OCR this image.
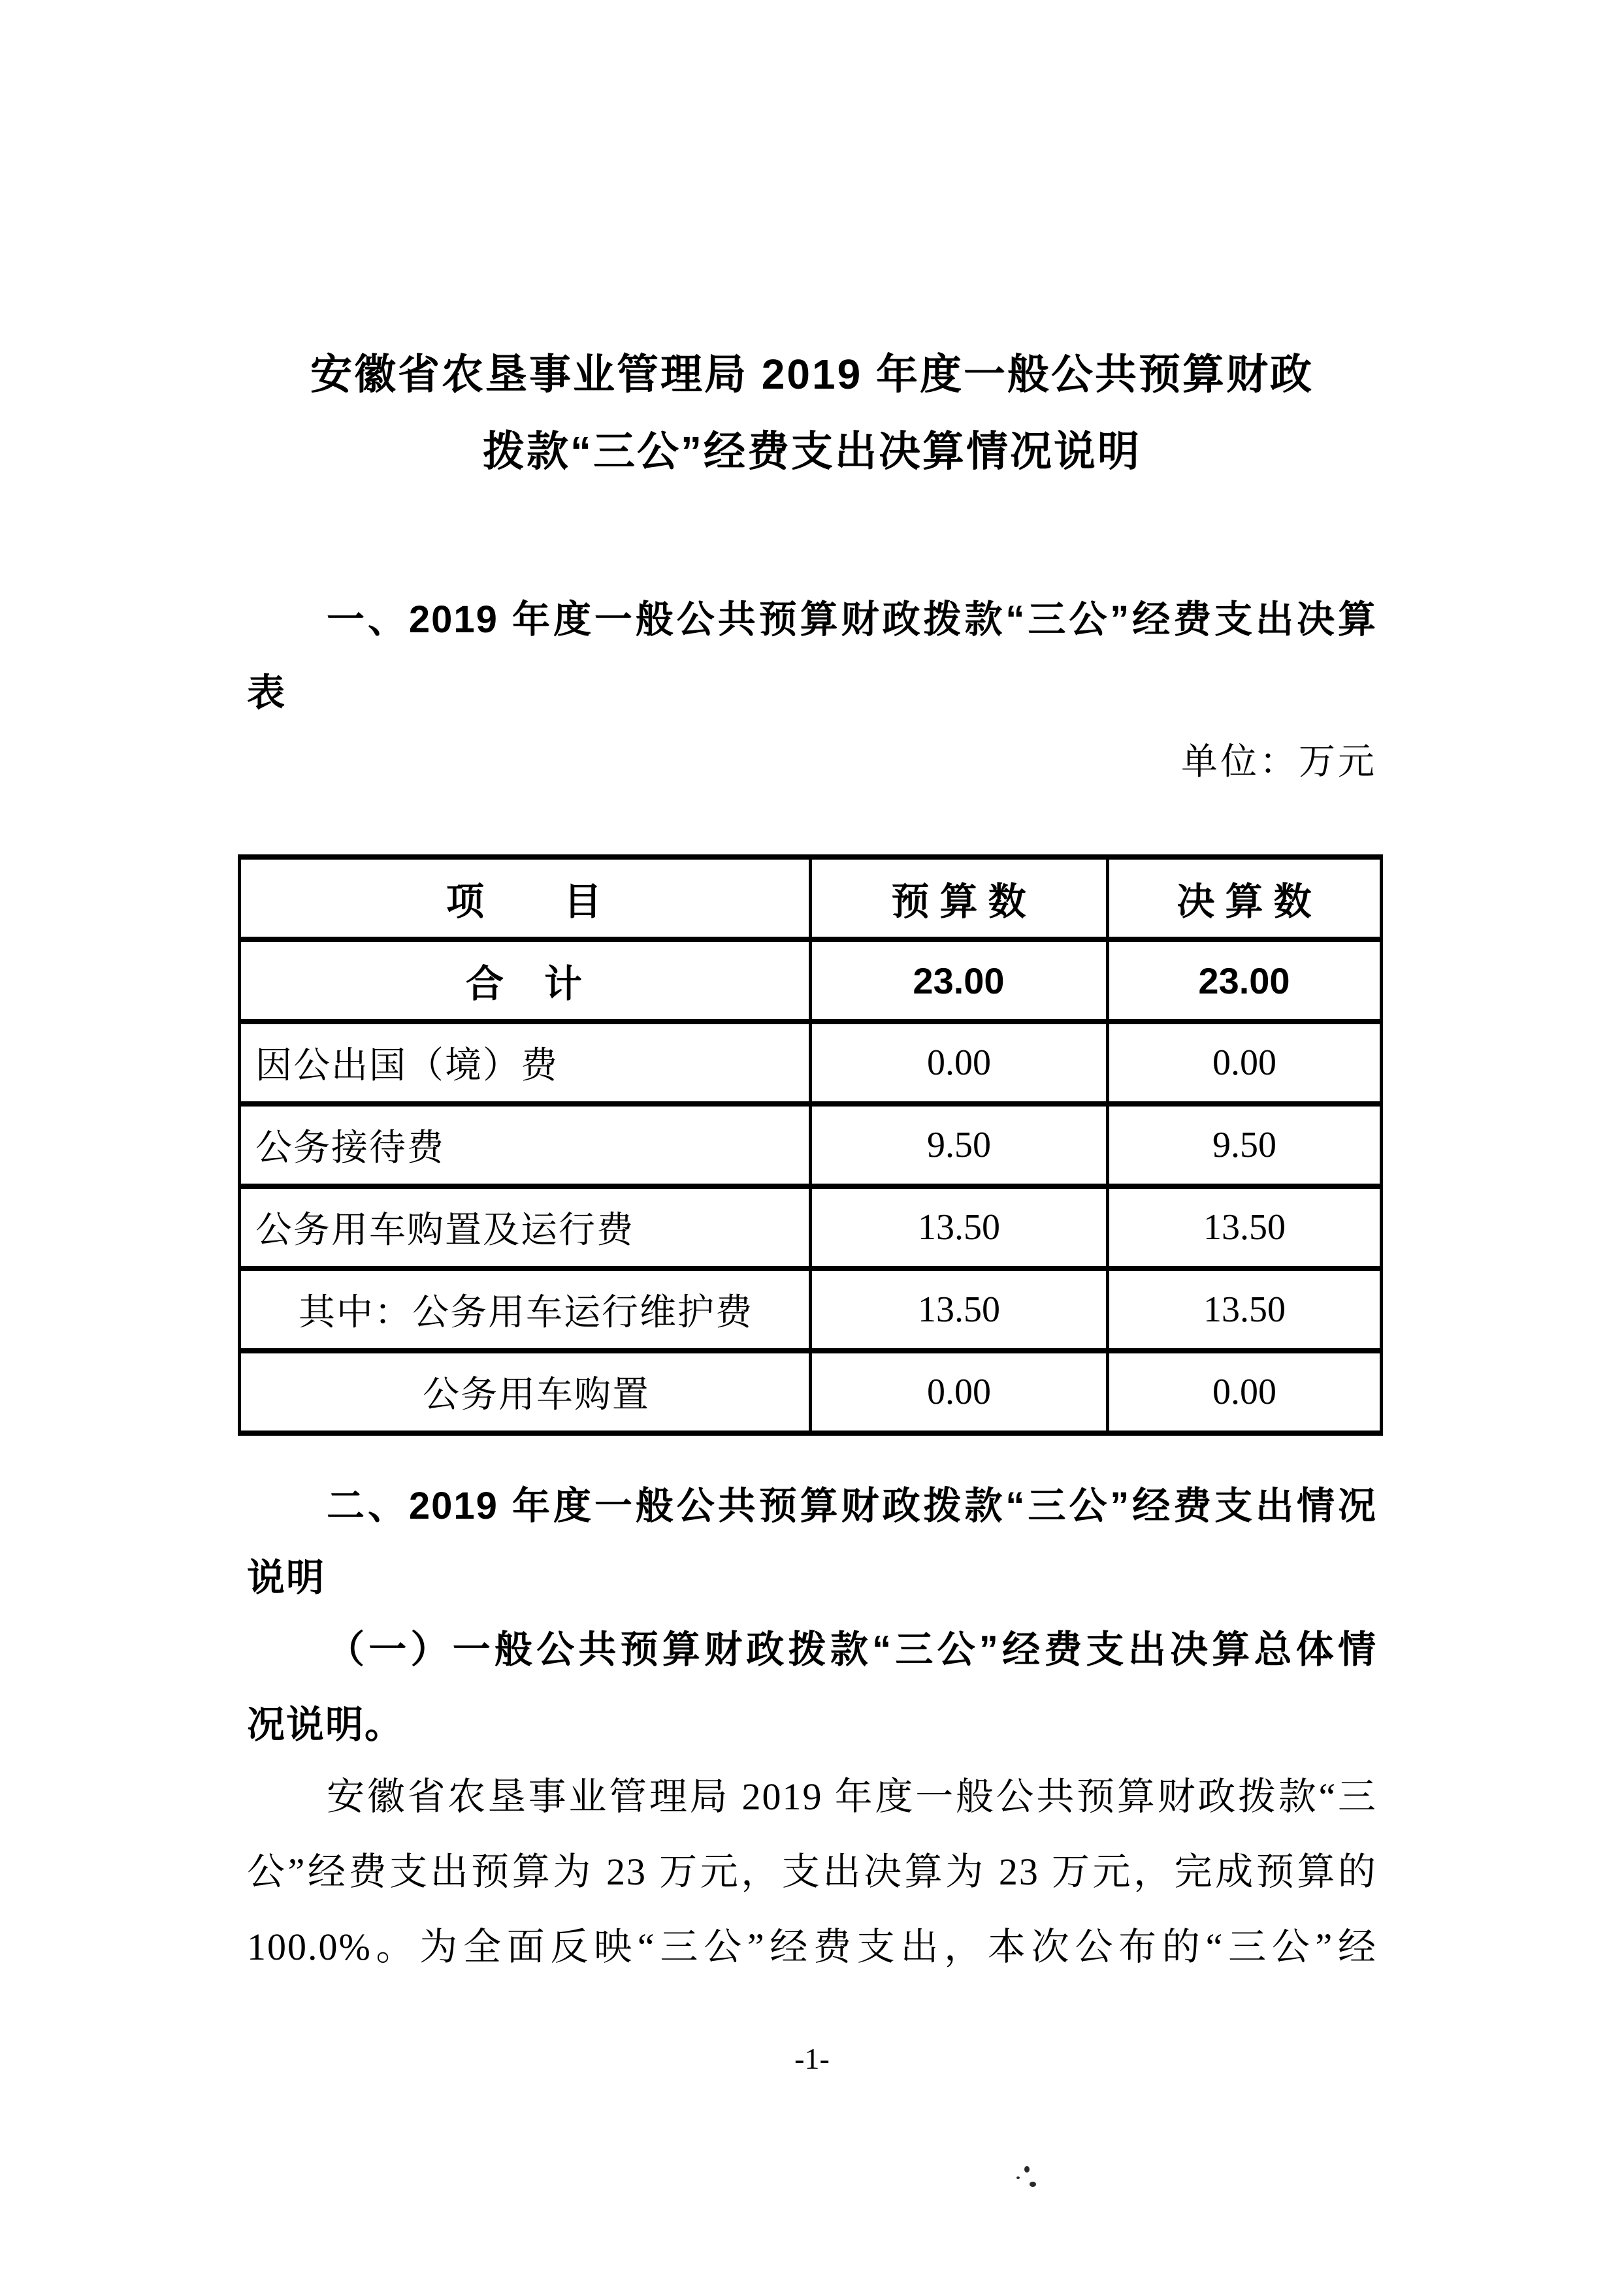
安徽省农垦事业管理局 2019 年度一般公共预算财政
拨款“三公”经费支出决算情况说明
一、2019 年度一般公共预算财政拨款“三公”经费支出决算
表
单位：万元
项　　目	预 算 数	决 算 数
合　计	23.00	23.00
因公出国（境）费	0.00	0.00
公务接待费	9.50	9.50
公务用车购置及运行费	13.50	13.50
其中：公务用车运行维护费	13.50	13.50
公务用车购置	0.00	0.00
二、2019 年度一般公共预算财政拨款“三公”经费支出情况
说明
（一）一般公共预算财政拨款“三公”经费支出决算总体情
况说明。
安徽省农垦事业管理局 2019 年度一般公共预算财政拨款“三
公”经费支出预算为 23 万元，支出决算为 23 万元，完成预算的
100.0%。为全面反映“三公”经费支出，本次公布的“三公”经
-1-
